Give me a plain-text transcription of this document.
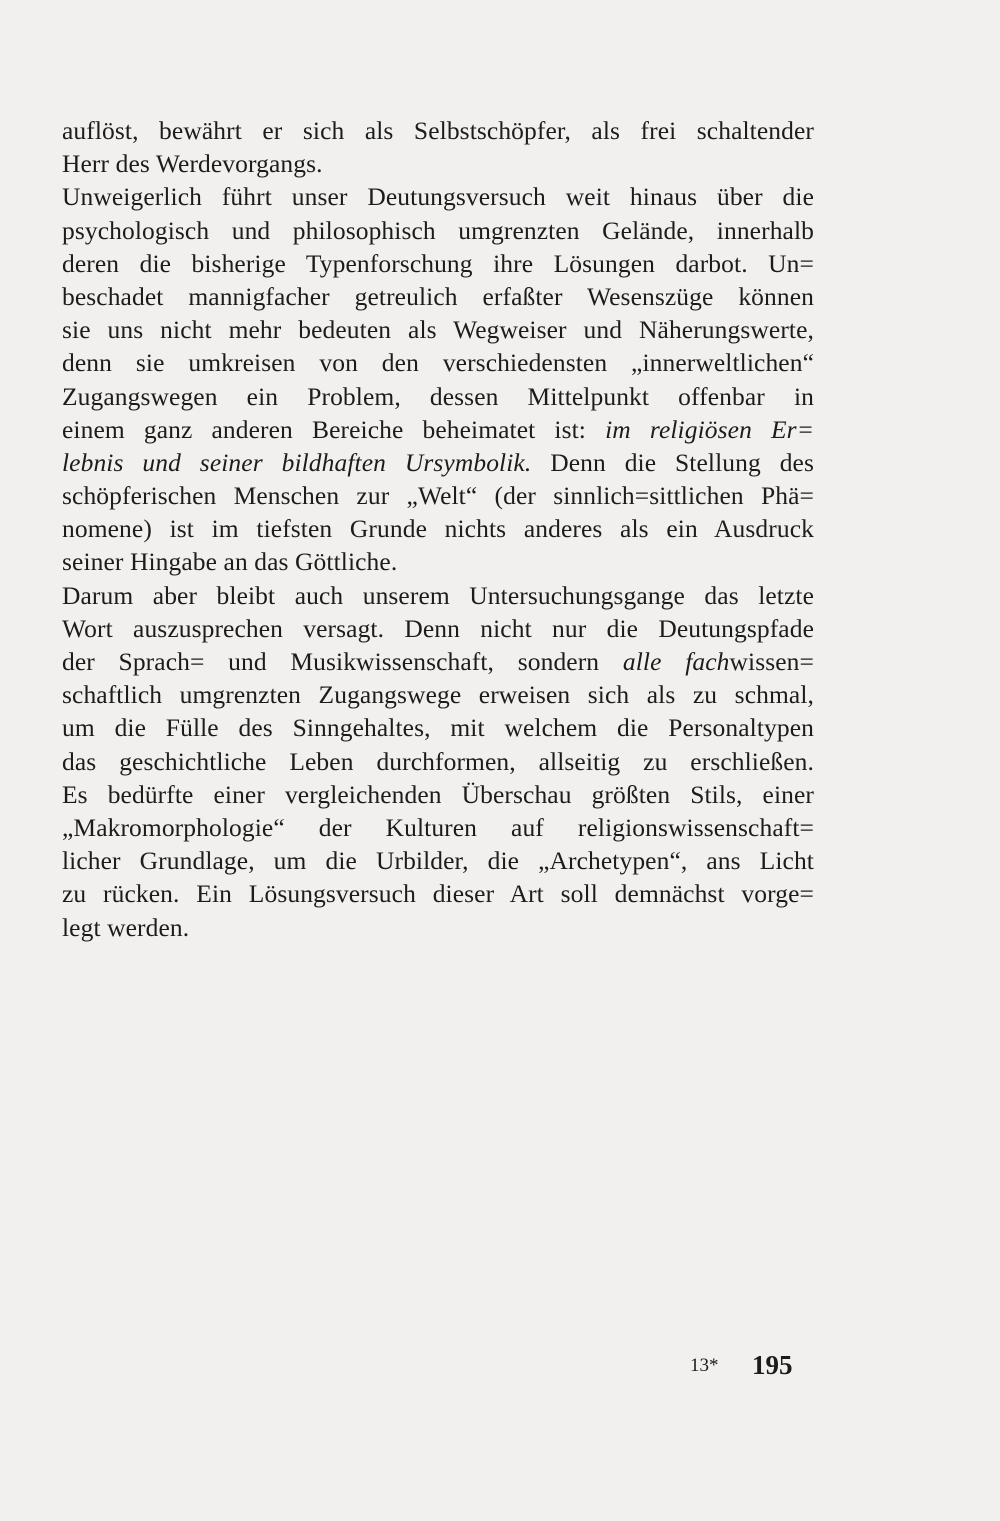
auflöst, bewährt er sich als Selbstschöpfer, als frei schaltender
Herr des Werdevorgangs.
Unweigerlich führt unser Deutungsversuch weit hinaus über die
psychologisch und philosophisch umgrenzten Gelände, innerhalb
deren die bisherige Typenforschung ihre Lösungen darbot. Un=
beschadet mannigfacher getreulich erfaßter Wesenszüge können
sie uns nicht mehr bedeuten als Wegweiser und Näherungswerte,
denn sie umkreisen von den verschiedensten „innerweltlichen“
Zugangswegen ein Problem, dessen Mittelpunkt offenbar in
einem ganz anderen Bereiche beheimatet ist: im religiösen Er=
lebnis und seiner bildhaften Ursymbolik. Denn die Stellung des
schöpferischen Menschen zur „Welt“ (der sinnlich=sittlichen Phä=
nomene) ist im tiefsten Grunde nichts anderes als ein Ausdruck
seiner Hingabe an das Göttliche.
Darum aber bleibt auch unserem Untersuchungsgange das letzte
Wort auszusprechen versagt. Denn nicht nur die Deutungspfade
der Sprach= und Musikwissenschaft, sondern alle fachwissen=
schaftlich umgrenzten Zugangswege erweisen sich als zu schmal,
um die Fülle des Sinngehaltes, mit welchem die Personaltypen
das geschichtliche Leben durchformen, allseitig zu erschließen.
Es bedürfte einer vergleichenden Überschau größten Stils, einer
„Makromorphologie“ der Kulturen auf religionswissenschaft=
licher Grundlage, um die Urbilder, die „Archetypen“, ans Licht
zu rücken. Ein Lösungsversuch dieser Art soll demnächst vorge=
legt werden.
13* 195
